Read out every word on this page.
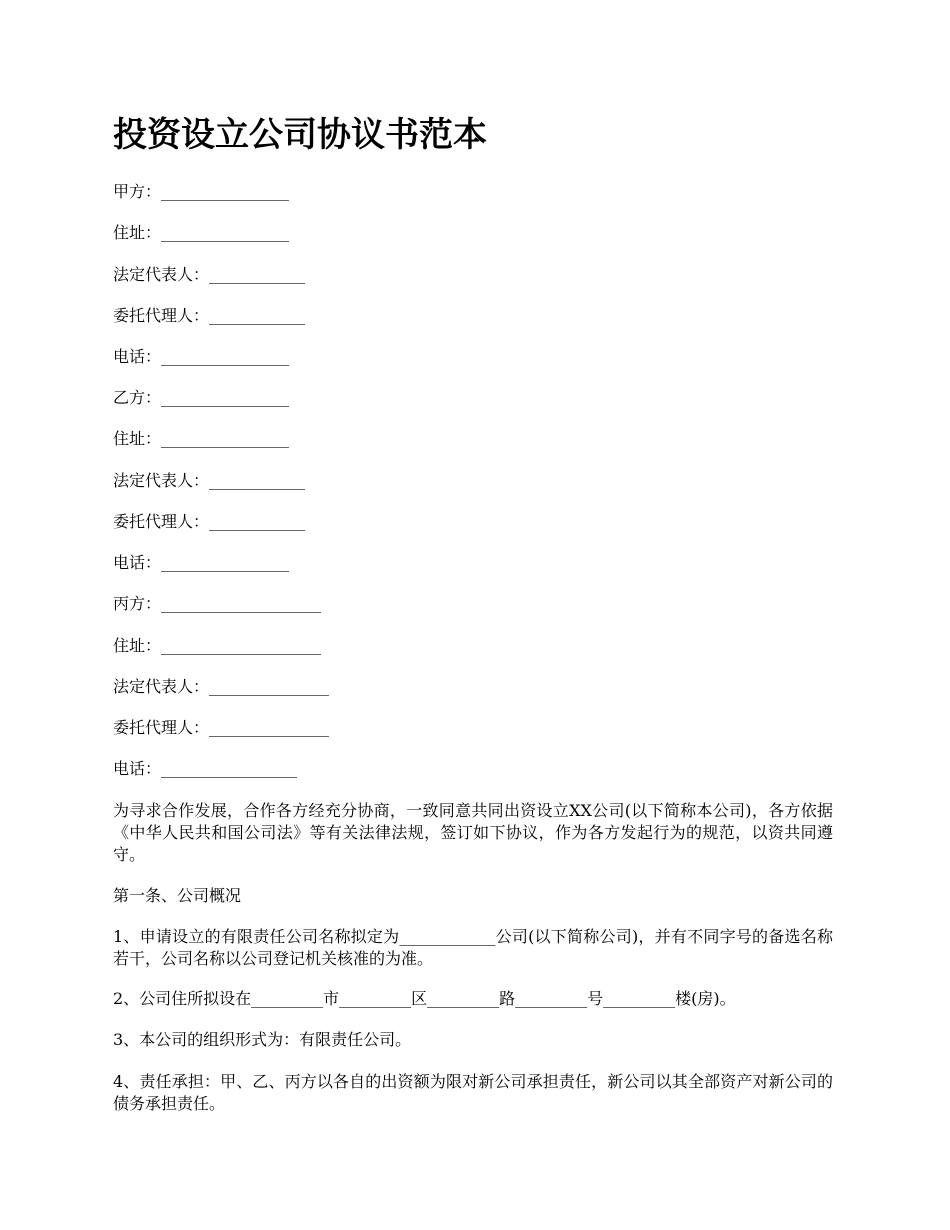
投资设立公司协议书范本
甲方：________________
住址：________________
法定代表人：____________
委托代理人：____________
电话：________________
乙方：________________
住址：________________
法定代表人：____________
委托代理人：____________
电话：________________
丙方：____________________
住址：____________________
法定代表人：_______________
委托代理人：_______________
电话：_________________

为寻求合作发展，合作各方经充分协商，一致同意共同出资设立XX公司(以下简称本公司)，各方依据《中华人民共和国公司法》等有关法律法规，签订如下协议，作为各方发起行为的规范，以资共同遵守。

第一条、公司概况

1、申请设立的有限责任公司名称拟定为____________公司(以下简称公司)，并有不同字号的备选名称若干，公司名称以公司登记机关核准的为准。

2、公司住所拟设在_________市_________区_________路_________号_________楼(房)。

3、本公司的组织形式为：有限责任公司。

4、责任承担：甲、乙、丙方以各自的出资额为限对新公司承担责任，新公司以其全部资产对新公司的债务承担责任。
